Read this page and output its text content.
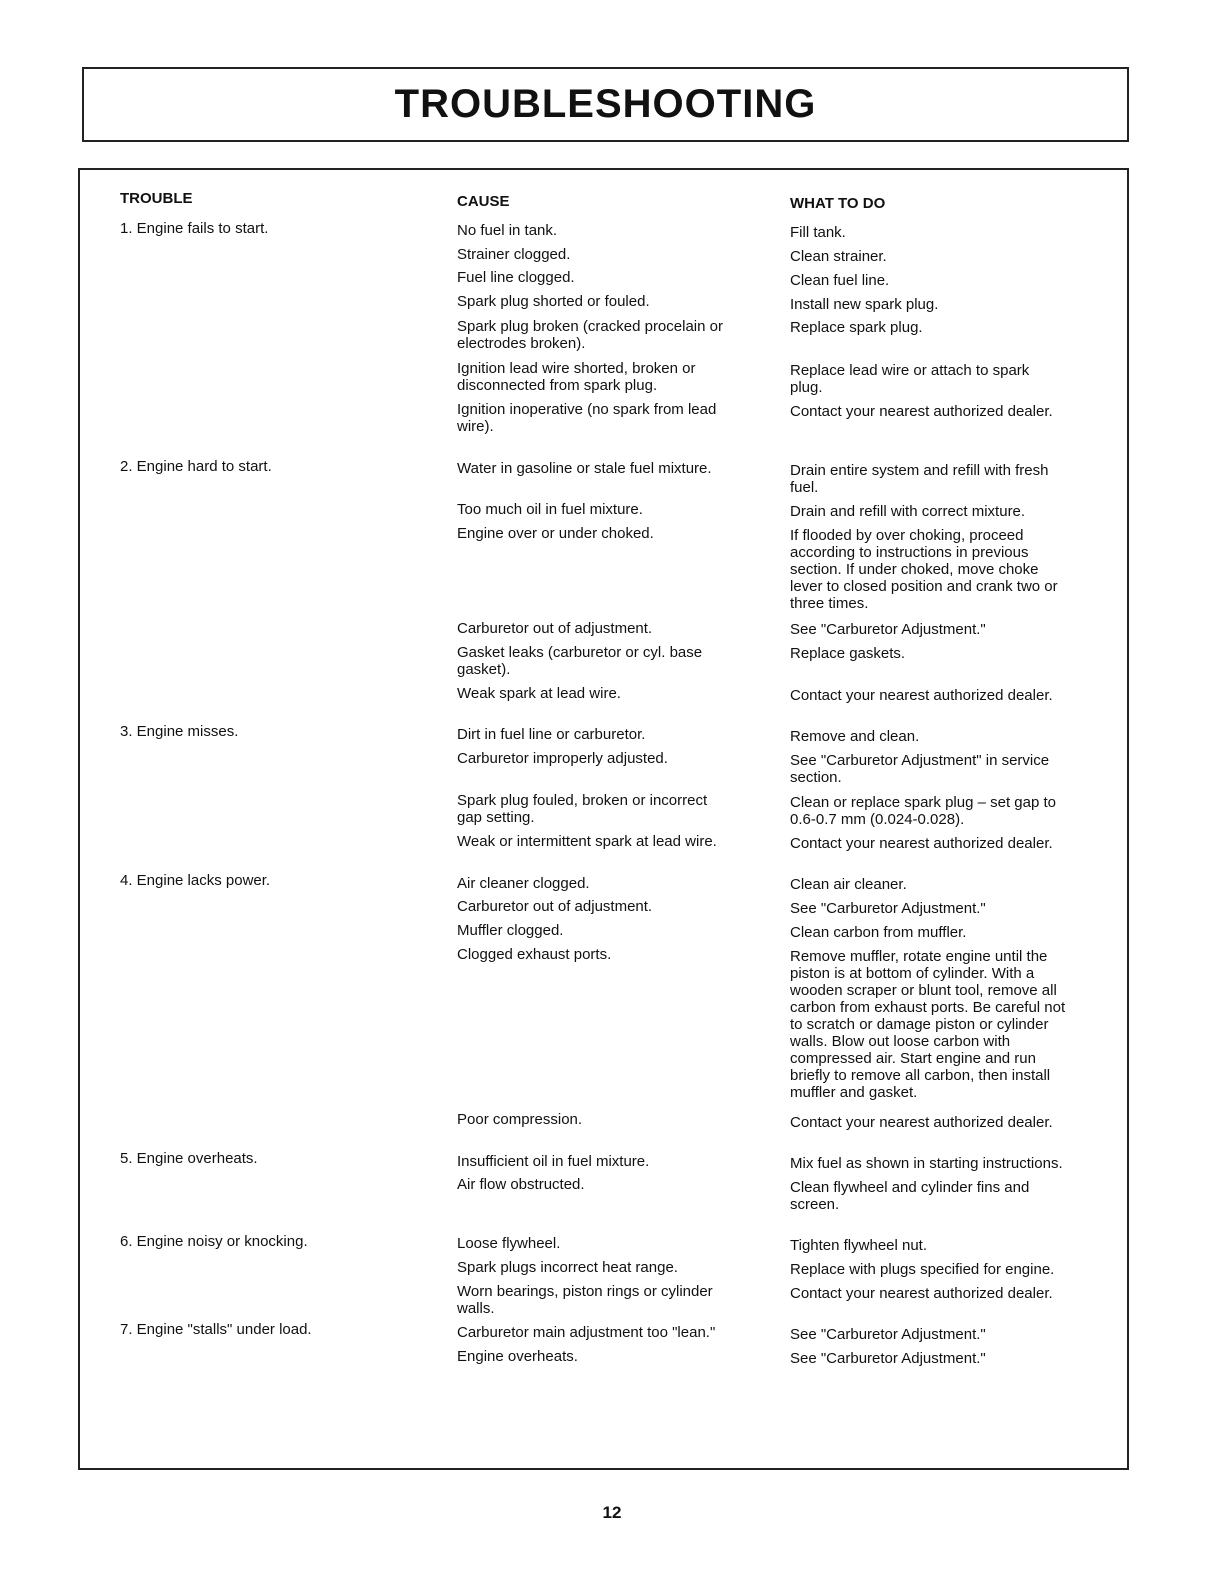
TROUBLESHOOTING
TROUBLE	CAUSE	WHAT TO DO
1. Engine fails to start.
2. Engine hard to start.
3. Engine misses.
4. Engine lacks power.
5. Engine overheats.
6. Engine noisy or knocking.
7. Engine "stalls" under load.
No fuel in tank.
Strainer clogged.
Fuel line clogged.
Spark plug shorted or fouled.
Spark plug broken (cracked procelain or
electrodes broken).
Ignition lead wire shorted, broken or
disconnected from spark plug.
Ignition inoperative (no spark from lead
wire).
Water in gasoline or stale fuel mixture.
Too much oil in fuel mixture.
Engine over or under choked.
Carburetor out of adjustment.
Gasket leaks (carburetor or cyl. base
gasket).
Weak spark at lead wire.
Dirt in fuel line or carburetor.
Carburetor improperly adjusted.
Spark plug fouled, broken or incorrect
gap setting.
Weak or intermittent spark at lead wire.
Air cleaner clogged.
Carburetor out of adjustment.
Muffler clogged.
Clogged exhaust ports.
Poor compression.
Insufficient oil in fuel mixture.
Air flow obstructed.
Loose flywheel.
Spark plugs incorrect heat range.
Worn bearings, piston rings or cylinder
walls.
Carburetor main adjustment too "lean."
Engine overheats.
Fill tank.
Clean strainer.
Clean fuel line.
Install new spark plug.
Replace spark plug.
Replace lead wire or attach to spark
plug.
Contact your nearest authorized dealer.
Drain entire system and refill with fresh
fuel.
Drain and refill with correct mixture.
If flooded by over choking, proceed
according to instructions in previous
section. If under choked, move choke
lever to closed position and crank two or
three times.
See "Carburetor Adjustment."
Replace gaskets.
Contact your nearest authorized dealer.
Remove and clean.
See "Carburetor Adjustment" in service
section.
Clean or replace spark plug – set gap to
0.6-0.7 mm (0.024-0.028).
Contact your nearest authorized dealer.
Clean air cleaner.
See "Carburetor Adjustment."
Clean carbon from muffler.
Remove muffler, rotate engine until the
piston is at bottom of cylinder. With a
wooden scraper or blunt tool, remove all
carbon from exhaust ports. Be careful not
to scratch or damage piston or cylinder
walls. Blow out loose carbon with
compressed air. Start engine and run
briefly to remove all carbon, then install
muffler and gasket.
Contact your nearest authorized dealer.
Mix fuel as shown in starting instructions.
Clean flywheel and cylinder fins and
screen.
Tighten flywheel nut.
Replace with plugs specified for engine.
Contact your nearest authorized dealer.
See "Carburetor Adjustment."
See "Carburetor Adjustment."
12
